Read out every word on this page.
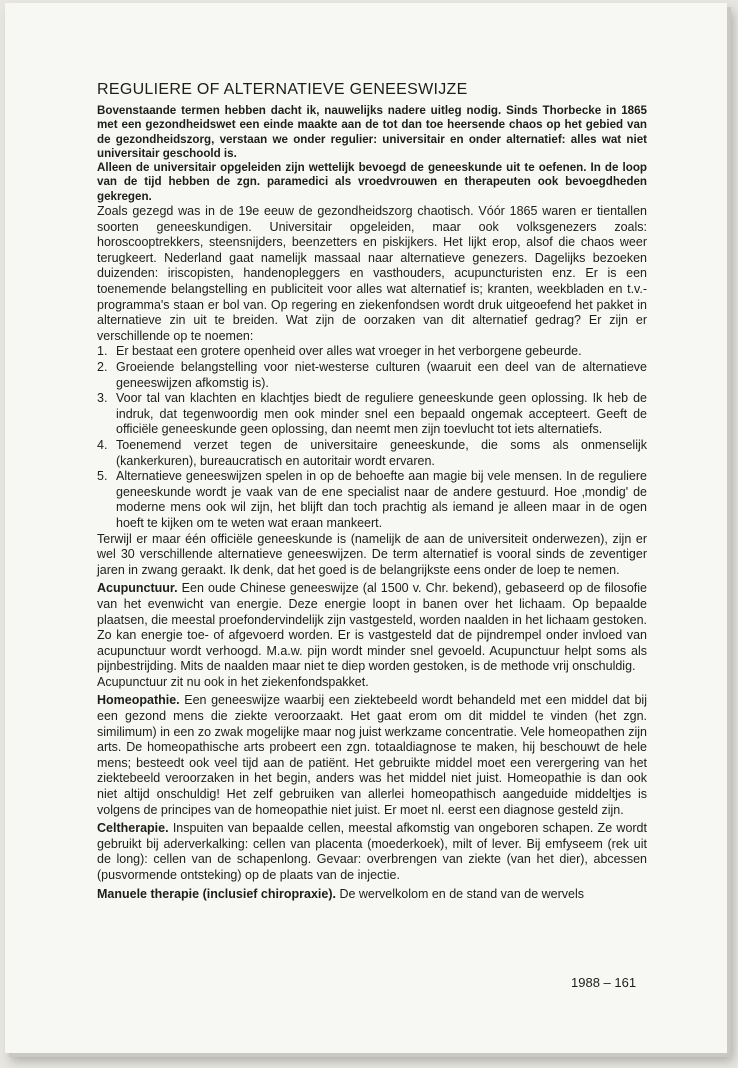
REGULIERE OF ALTERNATIEVE GENEESWIJZE

Bovenstaande termen hebben dacht ik, nauwelijks nadere uitleg nodig. Sinds Thorbecke in 1865 met een gezondheidswet een einde maakte aan de tot dan toe heersende chaos op het gebied van de gezondheidszorg, verstaan we onder regulier: universitair en onder alternatief: alles wat niet universitair geschoold is.

Alleen de universitair opgeleiden zijn wettelijk bevoegd de geneeskunde uit te oefenen. In de loop van de tijd hebben de zgn. paramedici als vroedvrouwen en therapeuten ook bevoegdheden gekregen.

Zoals gezegd was in de 19e eeuw de gezondheidszorg chaotisch. Vóór 1865 waren er tientallen soorten geneeskundigen. Universitair opgeleiden, maar ook volksgenezers zoals: horoscooptrekkers, steensnijders, beenzetters en piskijkers. Het lijkt erop, alsof die chaos weer terugkeert. Nederland gaat namelijk massaal naar alternatieve genezers. Dagelijks bezoeken duizenden: iriscopisten, handenopleggers en vasthouders, acupuncturisten enz. Er is een toenemende belangstelling en publiciteit voor alles wat alternatief is; kranten, weekbladen en t.v.-programma's staan er bol van. Op regering en ziekenfondsen wordt druk uitgeoefend het pakket in alternatieve zin uit te breiden. Wat zijn de oorzaken van dit alternatief gedrag? Er zijn er verschillende op te noemen:

1. Er bestaat een grotere openheid over alles wat vroeger in het verborgene gebeurde.
2. Groeiende belangstelling voor niet-westerse culturen (waaruit een deel van de alternatieve geneeswijzen afkomstig is).
3. Voor tal van klachten en klachtjes biedt de reguliere geneeskunde geen oplossing. Ik heb de indruk, dat tegenwoordig men ook minder snel een bepaald ongemak accepteert. Geeft de officiële geneeskunde geen oplossing, dan neemt men zijn toevlucht tot iets alternatiefs.
4. Toenemend verzet tegen de universitaire geneeskunde, die soms als onmenselijk (kankerkuren), bureaucratisch en autoritair wordt ervaren.
5. Alternatieve geneeswijzen spelen in op de behoefte aan magie bij vele mensen. In de reguliere geneeskunde wordt je vaak van de ene specialist naar de andere gestuurd. Hoe ‚mondig' de moderne mens ook wil zijn, het blijft dan toch prachtig als iemand je alleen maar in de ogen hoeft te kijken om te weten wat eraan mankeert.

Terwijl er maar één officiële geneeskunde is (namelijk de aan de universiteit onderwezen), zijn er wel 30 verschillende alternatieve geneeswijzen. De term alternatief is vooral sinds de zeventiger jaren in zwang geraakt. Ik denk, dat het goed is de belangrijkste eens onder de loep te nemen.

Acupunctuur. Een oude Chinese geneeswijze (al 1500 v. Chr. bekend), gebaseerd op de filosofie van het evenwicht van energie. Deze energie loopt in banen over het lichaam. Op bepaalde plaatsen, die meestal proefondervindelijk zijn vastgesteld, worden naalden in het lichaam gestoken. Zo kan energie toe- of afgevoerd worden. Er is vastgesteld dat de pijndrempel onder invloed van acupunctuur wordt verhoogd. M.a.w. pijn wordt minder snel gevoeld. Acupunctuur helpt soms als pijnbestrijding. Mits de naalden maar niet te diep worden gestoken, is de methode vrij onschuldig.

Acupunctuur zit nu ook in het ziekenfondspakket.

Homeopathie. Een geneeswijze waarbij een ziektebeeld wordt behandeld met een middel dat bij een gezond mens die ziekte veroorzaakt. Het gaat erom om dit middel te vinden (het zgn. similimum) in een zo zwak mogelijke maar nog juist werkzame concentratie. Vele homeopathen zijn arts. De homeopathische arts probeert een zgn. totaaldiagnose te maken, hij beschouwt de hele mens; besteedt ook veel tijd aan de patiënt. Het gebruikte middel moet een verergering van het ziektebeeld veroorzaken in het begin, anders was het middel niet juist. Homeopathie is dan ook niet altijd onschuldig! Het zelf gebruiken van allerlei homeopathisch aangeduide middeltjes is volgens de principes van de homeopathie niet juist. Er moet nl. eerst een diagnose gesteld zijn.

Celtherapie. Inspuiten van bepaalde cellen, meestal afkomstig van ongeboren schapen. Ze wordt gebruikt bij aderverkalking: cellen van placenta (moederkoek), milt of lever. Bij emfyseem (rek uit de long): cellen van de schapenlong. Gevaar: overbrengen van ziekte (van het dier), abcessen (pusvormende ontsteking) op de plaats van de injectie.

Manuele therapie (inclusief chiropraxie). De wervelkolom en de stand van de wervels

1988 – 161
